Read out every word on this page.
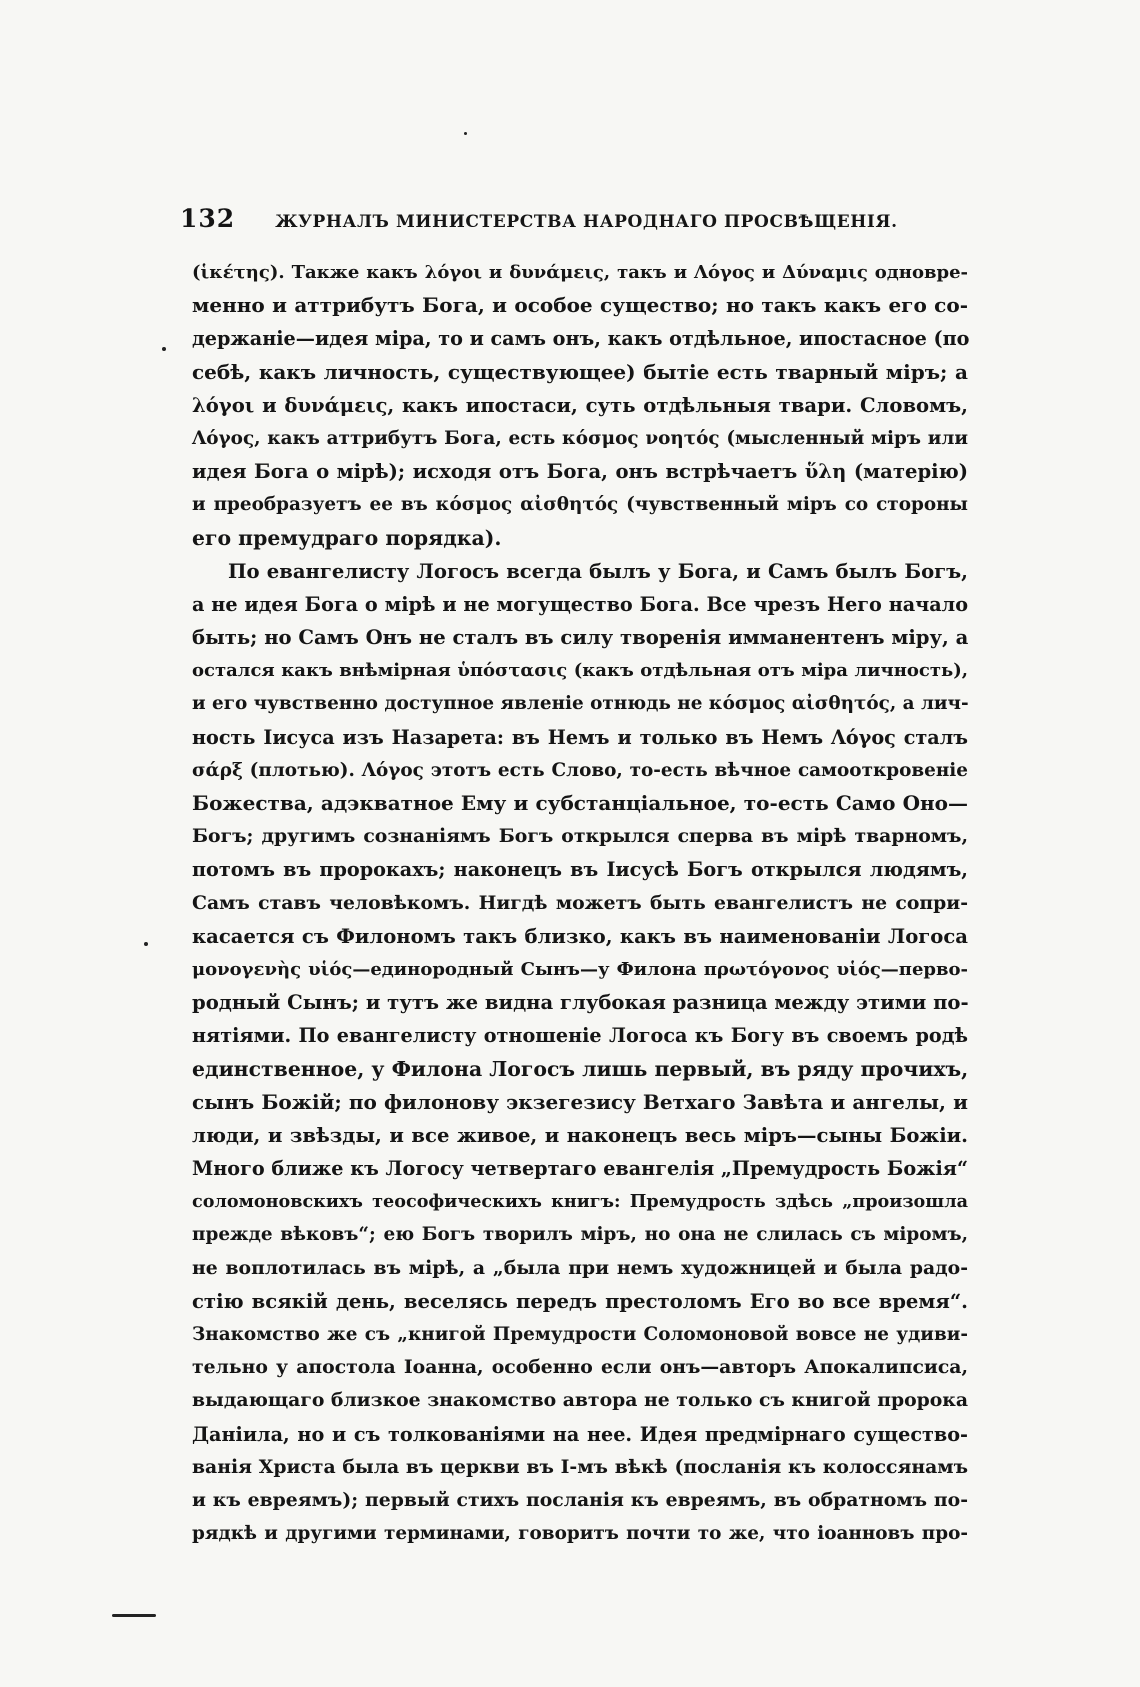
132 ЖУРНАЛЪ МИНИСТЕРСТВА НАРОДНАГО ПРОСВѢЩЕНІЯ.
(ἱκέτης). Также какъ λόγοι и δυνάμεις, такъ и Λόγος и Δύναμις одновре-
менно и аттрибутъ Бога, и особое существо; но такъ какъ его со-
держаніе—идея міра, то и самъ онъ, какъ отдѣльное, ипостасное (по
себѣ, какъ личность, существующее) бытіе есть тварный міръ; а
λόγοι и δυνάμεις, какъ ипостаси, суть отдѣльныя твари. Словомъ,
Λόγος, какъ аттрибутъ Бога, есть κόσμος νοητός (мысленный міръ или
идея Бога о мірѣ); исходя отъ Бога, онъ встрѣчаетъ ὕλη (матерію)
и преобразуетъ ее въ κόσμος αἰσθητός (чувственный міръ со стороны
его премудраго порядка).
По евангелисту Логосъ всегда былъ у Бога, и Самъ былъ Богъ,
а не идея Бога о мірѣ и не могущество Бога. Все чрезъ Него начало
быть; но Самъ Онъ не сталъ въ силу творенія имманентенъ міру, а
остался какъ внѣмірная ὑπόστασις (какъ отдѣльная отъ міра личность),
и его чувственно доступное явленіе отнюдь не κόσμος αἰσθητός, а лич-
ность Іисуса изъ Назарета: въ Немъ и только въ Немъ Λόγος сталъ
σάρξ (плотью). Λόγος этотъ есть Слово, то-есть вѣчное самооткровеніе
Божества, адэкватное Ему и субстанціальное, то-есть Само Оно—
Богъ; другимъ сознаніямъ Богъ открылся сперва въ мірѣ тварномъ,
потомъ въ пророкахъ; наконецъ въ Іисусѣ Богъ открылся людямъ,
Самъ ставъ человѣкомъ. Нигдѣ можетъ быть евангелистъ не сопри-
касается съ Филономъ такъ близко, какъ въ наименованіи Логоса
μονογενὴς υἱός—единородный Сынъ—у Филона πρωτόγονος υἱός—перво-
родный Сынъ; и тутъ же видна глубокая разница между этими по-
нятіями. По евангелисту отношеніе Логоса къ Богу въ своемъ родѣ
единственное, у Филона Логосъ лишь первый, въ ряду прочихъ,
сынъ Божій; по филонову экзегезису Ветхаго Завѣта и ангелы, и
люди, и звѣзды, и все живое, и наконецъ весь міръ—сыны Божіи.
Много ближе къ Логосу четвертаго евангелія „Премудрость Божія“
соломоновскихъ теософическихъ книгъ: Премудрость здѣсь „произошла
прежде вѣковъ“; ею Богъ творилъ міръ, но она не слилась съ міромъ,
не воплотилась въ мірѣ, а „была при немъ художницей и была радо-
стію всякій день, веселясь передъ престоломъ Его во все время“.
Знакомство же съ „книгой Премудрости Соломоновой вовсе не удиви-
тельно у апостола Іоанна, особенно если онъ—авторъ Апокалипсиса,
выдающаго близкое знакомство автора не только съ книгой пророка
Даніила, но и съ толкованіями на нее. Идея предмірнаго существо-
ванія Христа была въ церкви въ І-мъ вѣкѣ (посланія къ колоссянамъ
и къ евреямъ); первый стихъ посланія къ евреямъ, въ обратномъ по-
рядкѣ и другими терминами, говоритъ почти то же, что іоанновъ про-
